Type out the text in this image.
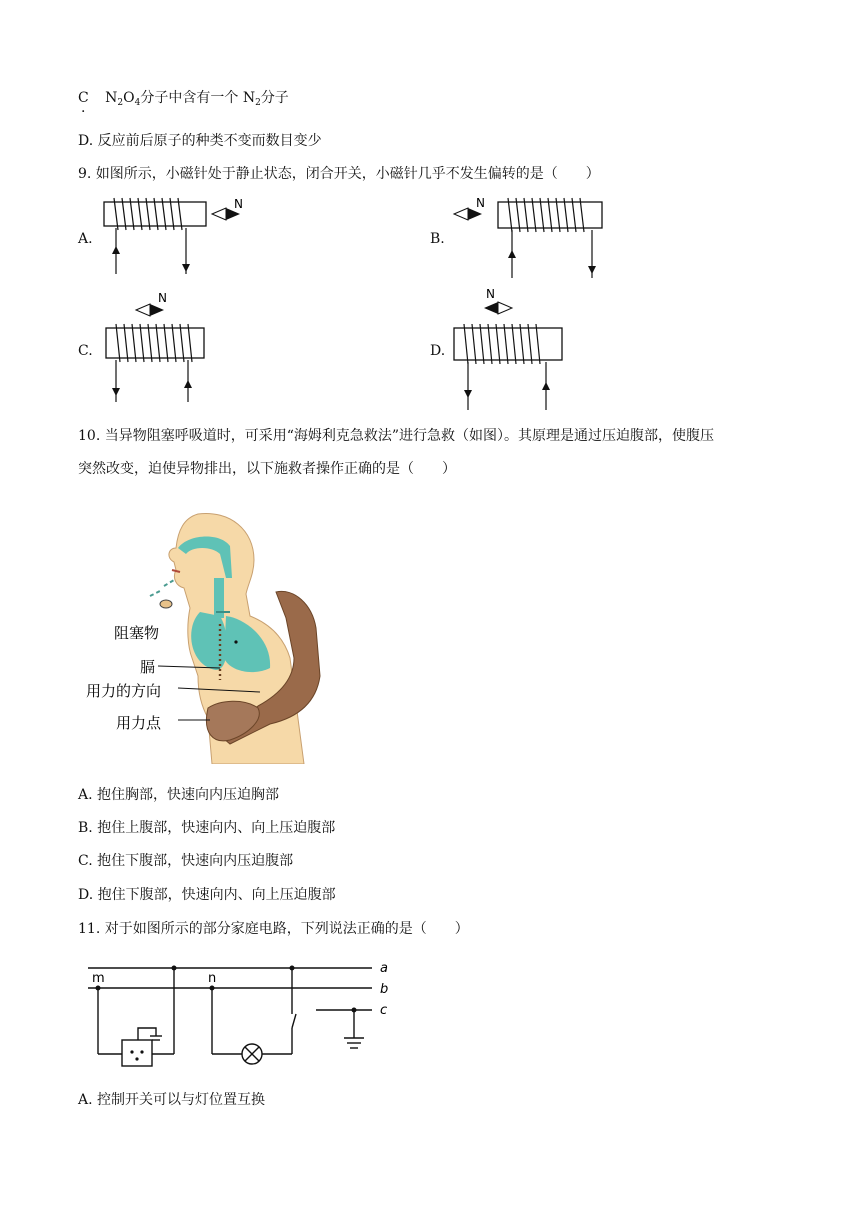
C
·
$N_2O_4$分子中含有一个 $N_2$分子
D. 反应前后原子的种类不变而数目变少
9. 如图所示，小磁针处于静止状态，闭合开关，小磁针几乎不发生偏转的是（　　）
A.
N
B.
N
C.
N
D.
N
10. 当异物阻塞呼吸道时，可采用“海姆利克急救法”进行急救（如图）。其原理是通过压迫腹部，使腹压
突然改变，迫使异物排出，以下施救者操作正确的是（　　）
阻塞物
膈
用力的方向
用力点
A. 抱住胸部，快速向内压迫胸部
B. 抱住上腹部，快速向内、向上压迫腹部
C. 抱住下腹部，快速向内压迫腹部
D. 抱住下腹部，快速向内、向上压迫腹部
11. 对于如图所示的部分家庭电路，下列说法正确的是（　　）
a
b
c
m	n
A. 控制开关可以与灯位置互换
